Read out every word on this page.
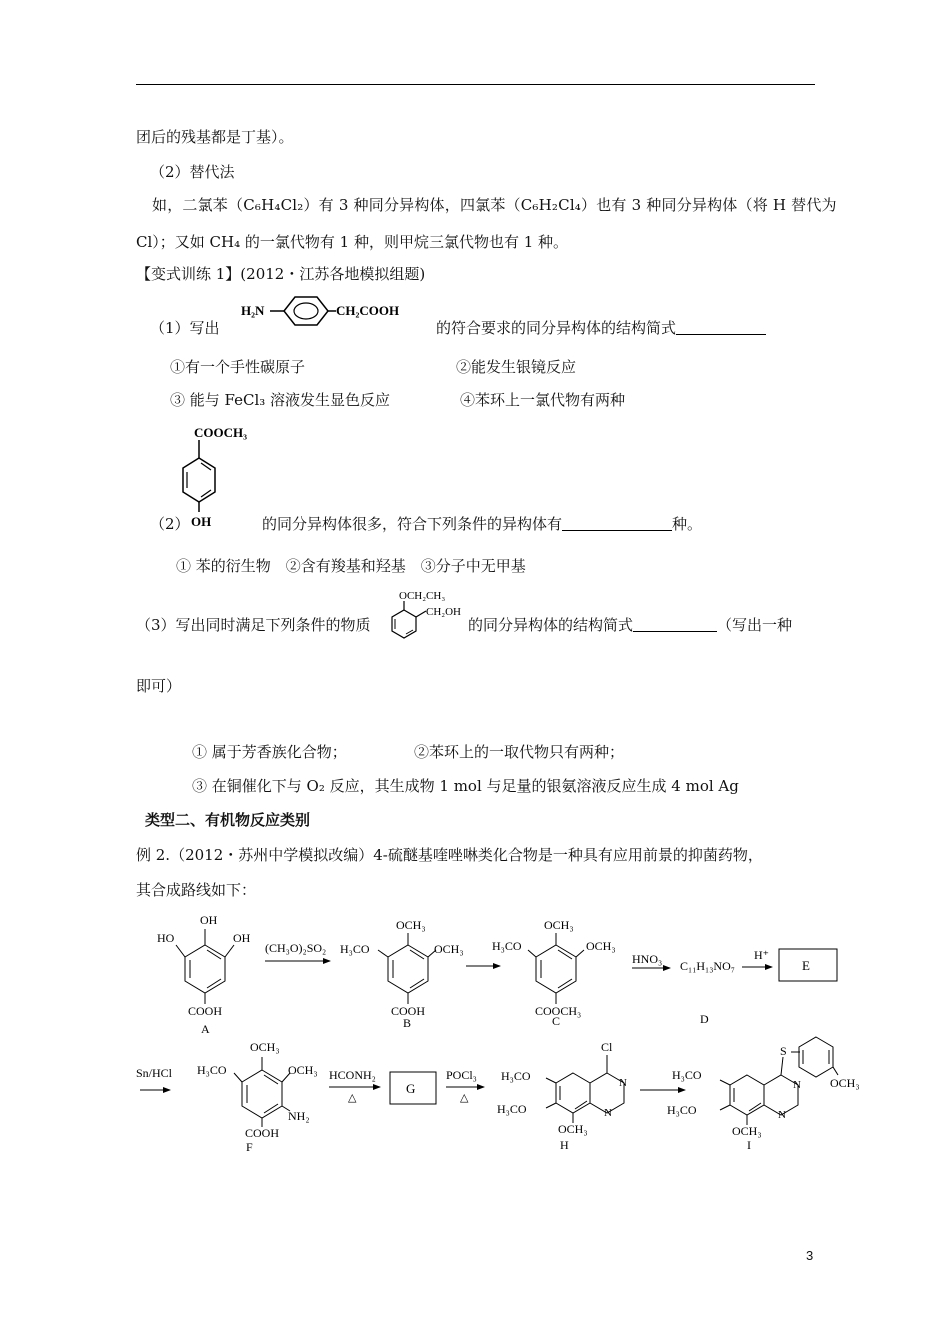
团后的残基都是丁基）。
（2）替代法
如，二氯苯（C₆H₄Cl₂）有 3 种同分异构体，四氯苯（C₆H₂Cl₄）也有 3 种同分异构体（将 H 替代为
Cl）；又如 CH₄ 的一氯代物有 1 种，则甲烷三氯代物也有 1 种。
【变式训练 1】(2012・江苏各地模拟组题)
（1）写出
H₂N	CH₂COOH
的符合要求的同分异构体的结构简式
①有一个手性碳原子	②能发生银镜反应
③ 能与 FeCl₃ 溶液发生显色反应	④苯环上一氯代物有两种
COOCH₃
OH
（2）	的同分异构体很多，符合下列条件的异构体有	种。
① 苯的衍生物　②含有羧基和羟基　③分子中无甲基
（3）写出同时满足下列条件的物质
OCH₂CH₃
CH₂OH
的同分异构体的结构简式	（写出一种
即可）
① 属于芳香族化合物；	②苯环上的一取代物只有两种；
③ 在铜催化下与 O₂ 反应，其生成物 1 mol 与足量的银氨溶液反应生成 4 mol Ag
类型二、有机物反应类别
例 2.（2012・苏州中学模拟改编）4-硫醚基喹唑啉类化合物是一种具有应用前景的抑菌药物，
其合成路线如下：
OH
HO	OH
COOH
A
(CH₃O)₂SO₂
OCH₃
H₃CO	OCH₃
COOH
B
OCH₃
H₃CO	OCH₃
COOCH₃
C
HNO₃ C₁₁H₁₃NO₇
D
H⁺
E
Sn/HCl
OCH₃
H₃CO	OCH₃
NH₂
COOH
F
HCONH₂
△
G
POCl₃
△
Cl
H₃CO
H₃CO
OCH₃
N
N
H
S
OCH₃
H₃CO
H₃CO
OCH₃
N
N
I
3
